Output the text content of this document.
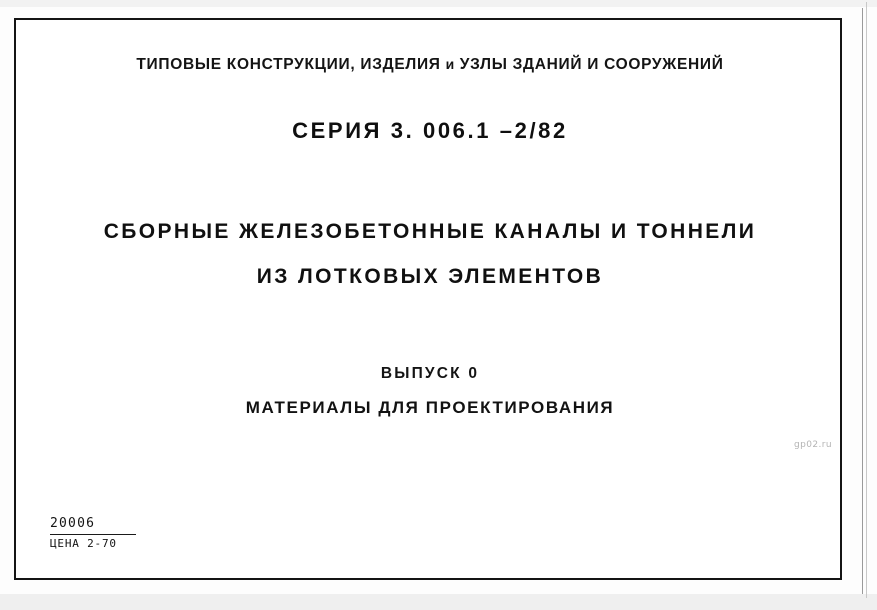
ТИПОВЫЕ КОНСТРУКЦИИ, ИЗДЕЛИЯ и УЗЛЫ ЗДАНИЙ И СООРУЖЕНИЙ
СЕРИЯ 3. 006.1 –2/82
СБОРНЫЕ ЖЕЛЕЗОБЕТОННЫЕ КАНАЛЫ И ТОННЕЛИ
ИЗ ЛОТКОВЫХ ЭЛЕМЕНТОВ
ВЫПУСК 0
МАТЕРИАЛЫ ДЛЯ ПРОЕКТИРОВАНИЯ
gp02.ru
20006
ЦЕНА 2-70
